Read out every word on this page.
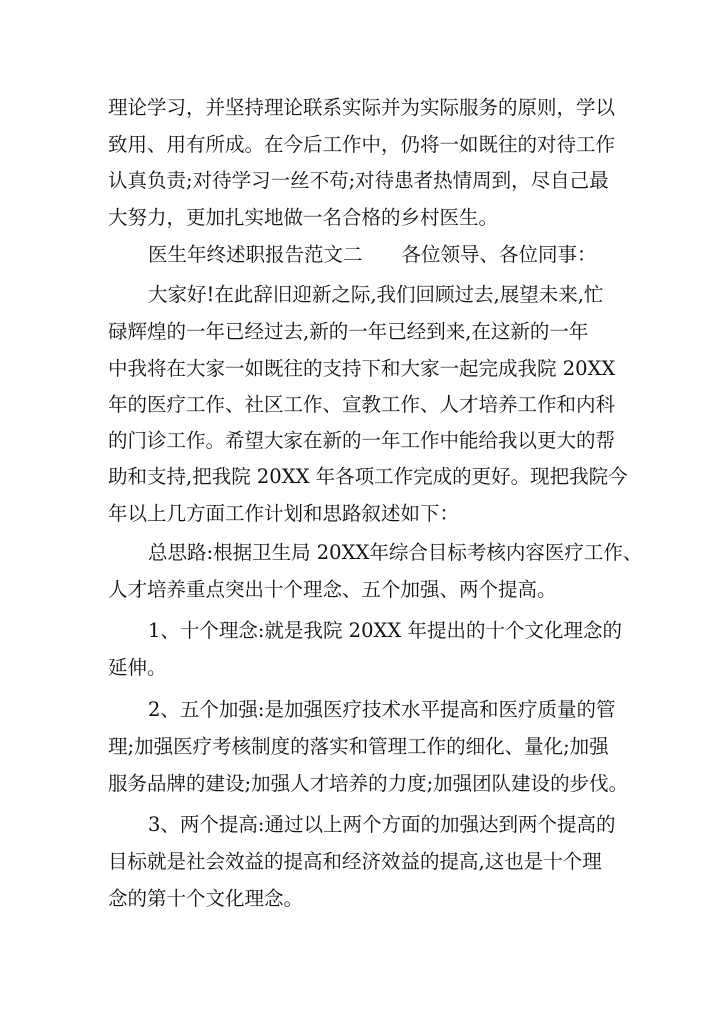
理论学习，并坚持理论联系实际并为实际服务的原则，学以

致用、用有所成。在今后工作中，仍将一如既往的对待工作

认真负责;对待学习一丝不苟;对待患者热情周到，尽自己最

大努力，更加扎实地做一名合格的乡村医生。

医生年终述职报告范文二　　各位领导、各位同事：

大家好!在此辞旧迎新之际,我们回顾过去,展望未来,忙

碌辉煌的一年已经过去,新的一年已经到来,在这新的一年

中我将在大家一如既往的支持下和大家一起完成我院 20XX

年的医疗工作、社区工作、宣教工作、人才培养工作和内科

的门诊工作。希望大家在新的一年工作中能给我以更大的帮

助和支持,把我院 20XX 年各项工作完成的更好。现把我院今

年以上几方面工作计划和思路叙述如下：

总思路:根据卫生局 20XX年综合目标考核内容医疗工作、

人才培养重点突出十个理念、五个加强、两个提高。

1、十个理念:就是我院 20XX 年提出的十个文化理念的

延伸。

2、五个加强:是加强医疗技术水平提高和医疗质量的管

理;加强医疗考核制度的落实和管理工作的细化、量化;加强

服务品牌的建设;加强人才培养的力度;加强团队建设的步伐。

3、两个提高:通过以上两个方面的加强达到两个提高的

目标就是社会效益的提高和经济效益的提高,这也是十个理

念的第十个文化理念。
